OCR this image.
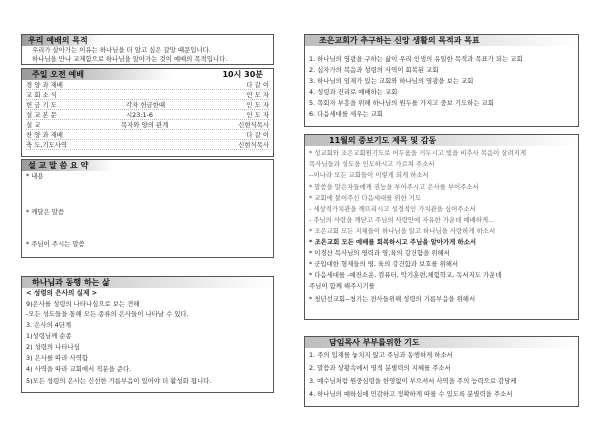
우리 예배의 목적
우리가 살아가는 이유는 하나님을 더 알고 싶은 갈망 때문입니다.
하나님을 만나 교제함으로 하나님을 알아가는 것이 예배의 목적입니다.
주일 오전 예배	10시 30분
경 양 과 재배	다 같 이
교 회 소 식	인 도 자
헌 금 기 도	각자 헌금한때	인 도 자
설 교 본 문	시23:1-6	인 도 자
설 교	목자와 양의 관계	신현식목사
찬 양 과 재배	다 같 이
축 도,기도사역	신현식목사
설 교 말 씀 요 약
* 내용
* 깨달은 말씀
* 주님이 주시는 말씀
하나님과 동행 하는 삶
< 성령의 은사의 실제 >
9)은사를 성령의 나타나심으로 보는 견해
-모든 성도들을 통해 모든 종류의 은사들이 나타날 수 있다.
3. 은사의 4단계
1)성령님께 순종
2) 성령의 나타나심
3) 은사를 따라 사역함
4) 사역을 따라 교회에서 직분을 준다.
5)모든 성령의 은사는 신선한 기름부음이 있어야 더 활성화 됩니다.
조은교회가 추구하는 신앙 생활의 목적과 목표
1. 하나님의 영광을 구하는 삶이 우리 인생의 유일한 목적과 목표가 되는 교회
2. 십자가의 복음과 성령의 사역이 회복된 교회
3. 하나님의 임재가 있는 교회와 하나님의 영광을 보는 교회
4. 성령과 진리로 예배하는 교회
5. 목회자 부흥을 위해 하나님의 원두를 가지고 중보 기도하는 교회
6. 다음세대를 세우는 교회
11월의 중보기도 제목 및 감동
* 성교회와 조은교회원기도로 어두움을 거두시고 빛을 비추사 복음이 살려지게
목사님들과 성도을 인도하시고 가르쳐 주소서
--이나라 모든 교회들이 이렇게 되게 하소서
* 말씀을 말은자들에게 권능을 부어주시고 은사를 부어주소서
* 교회에 불어주신 다음세대를 위한 기도
- 세상적가치관을 깨뜨리시고 성경적인 가치관을 심어주소서
- 주님의 사랑을 깨닫고 주님의 사랑안에 자유한 가운데 예배하게...
* 조은교회 모든 지체들이 하나님을 알고 하나님을 사랑하게 하소서
* 조은교회 모든 예배를 회복하시고 주님을 알아가게 하소서
* 이경산 목사님의 영력과 영,육의 강건함을 위해서
* 군입대한 형제들의 영, 육의 강건함과 보호를 위해서
* 다음세대를 -예진소운, 컴퓨터, 악기훈련,체험학교, 독서지도 가운데
주님이 함께 해주시기를
* 청년선교회--청기는 전사들위해 성령의 기름부음을 위해서
담임목사 부부를위한 기도
1. 주의 입재를 놓치지 않고 주님과 동행하게 하소서
2. 말씀과 상황속에서 영적 분별력의 지혜를 주소서
3. 예수님처럼 원중심령을 한영없이 부으셔서 사역을 주의 능력으로 감당케
4. 하나님의 예하심에 민감하고 정확하게 따를 수 있도록 분별력을 주소서
